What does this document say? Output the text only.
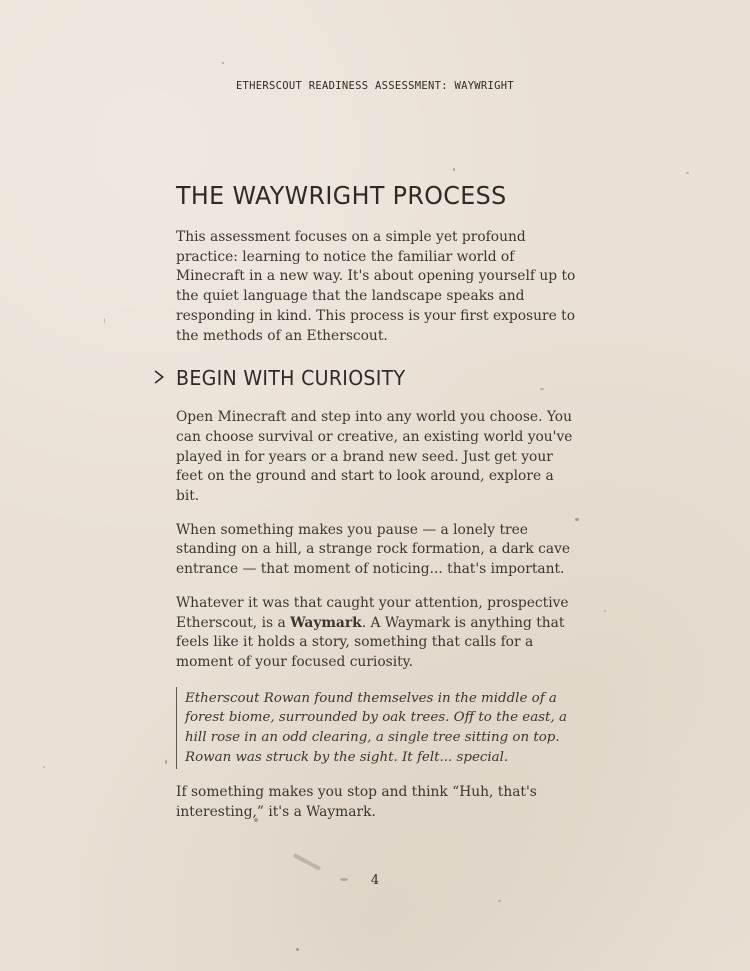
ETHERSCOUT READINESS ASSESSMENT: WAYWRIGHT
THE WAYWRIGHT PROCESS

This assessment focuses on a simple yet profound practice: learning to notice the familiar world of Minecraft in a new way. It's about opening yourself up to the quiet language that the landscape speaks and responding in kind. This process is your first exposure to the methods of an Etherscout.

BEGIN WITH CURIOSITY

Open Minecraft and step into any world you choose. You can choose survival or creative, an existing world you've played in for years or a brand new seed. Just get your feet on the ground and start to look around, explore a bit.

When something makes you pause — a lonely tree standing on a hill, a strange rock formation, a dark cave entrance — that moment of noticing... that's important.

Whatever it was that caught your attention, prospective Etherscout, is a Waymark. A Waymark is anything that feels like it holds a story, something that calls for a moment of your focused curiosity.

Etherscout Rowan found themselves in the middle of a forest biome, surrounded by oak trees. Off to the east, a hill rose in an odd clearing, a single tree sitting on top. Rowan was struck by the sight. It felt... special.

If something makes you stop and think “Huh, that's interesting,” it's a Waymark.

4
